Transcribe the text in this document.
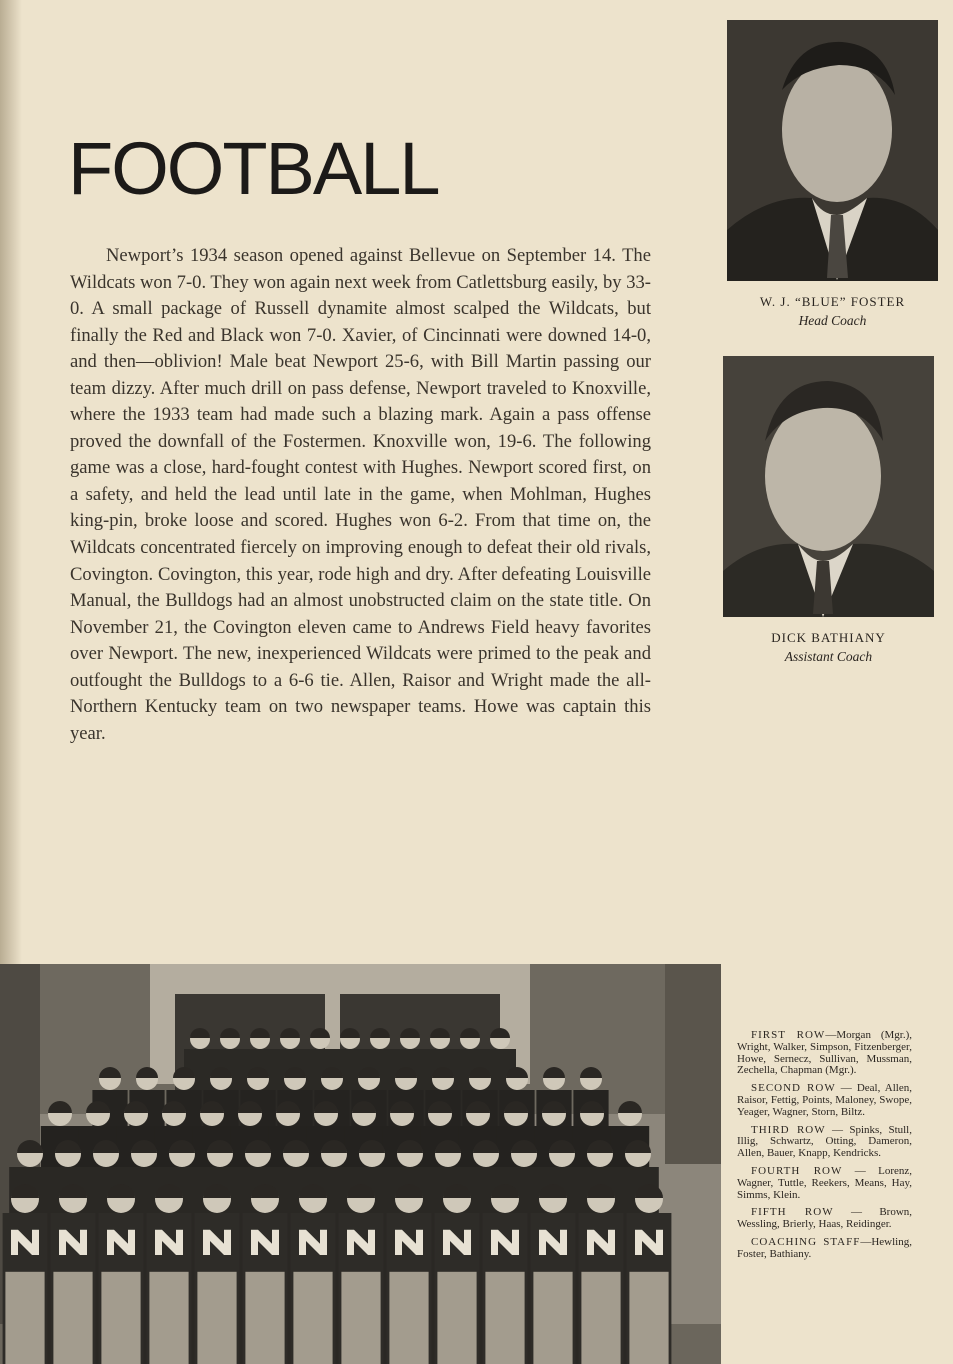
FOOTBALL

Newport’s 1934 season opened against Bellevue on September 14. The Wildcats won 7-0. They won again next week from Catlettsburg easily, by 33-0. A small package of Russell dynamite almost scalped the Wildcats, but finally the Red and Black won 7-0. Xavier, of Cincinnati were downed 14-0, and then—oblivion! Male beat Newport 25-6, with Bill Martin passing our team dizzy. After much drill on pass defense, Newport traveled to Knoxville, where the 1933 team had made such a blazing mark. Again a pass offense proved the downfall of the Fostermen. Knoxville won, 19-6. The following game was a close, hard-fought contest with Hughes. Newport scored first, on a safety, and held the lead until late in the game, when Mohlman, Hughes king-pin, broke loose and scored. Hughes won 6-2. From that time on, the Wildcats concentrated fiercely on improving enough to defeat their old rivals, Covington. Covington, this year, rode high and dry. After defeating Louisville Manual, the Bulldogs had an almost unobstructed claim on the state title. On November 21, the Covington eleven came to Andrews Field heavy favorites over Newport. The new, inexperienced Wildcats were primed to the peak and outfought the Bulldogs to a 6-6 tie. Allen, Raisor and Wright made the all-Northern Kentucky team on two newspaper teams. Howe was captain this year.

W. J. “BLUE” FOSTER
Head Coach
DICK BATHIANY
Assistant Coach

FIRST ROW—Morgan (Mgr.), Wright, Walker, Simpson, Fitzenberger, Howe, Sernecz, Sullivan, Mussman, Zechella, Chapman (Mgr.).

SECOND ROW — Deal, Allen, Raisor, Fettig, Points, Maloney, Swope, Yeager, Wagner, Storn, Biltz.

THIRD ROW — Spinks, Stull, Illig, Schwartz, Otting, Dameron, Allen, Bauer, Knapp, Kendricks.

FOURTH ROW — Lorenz, Wagner, Tuttle, Reekers, Means, Hay, Simms, Klein.

FIFTH ROW — Brown, Wessling, Brierly, Haas, Reidinger.

COACHING STAFF—Hewling, Foster, Bathiany.
